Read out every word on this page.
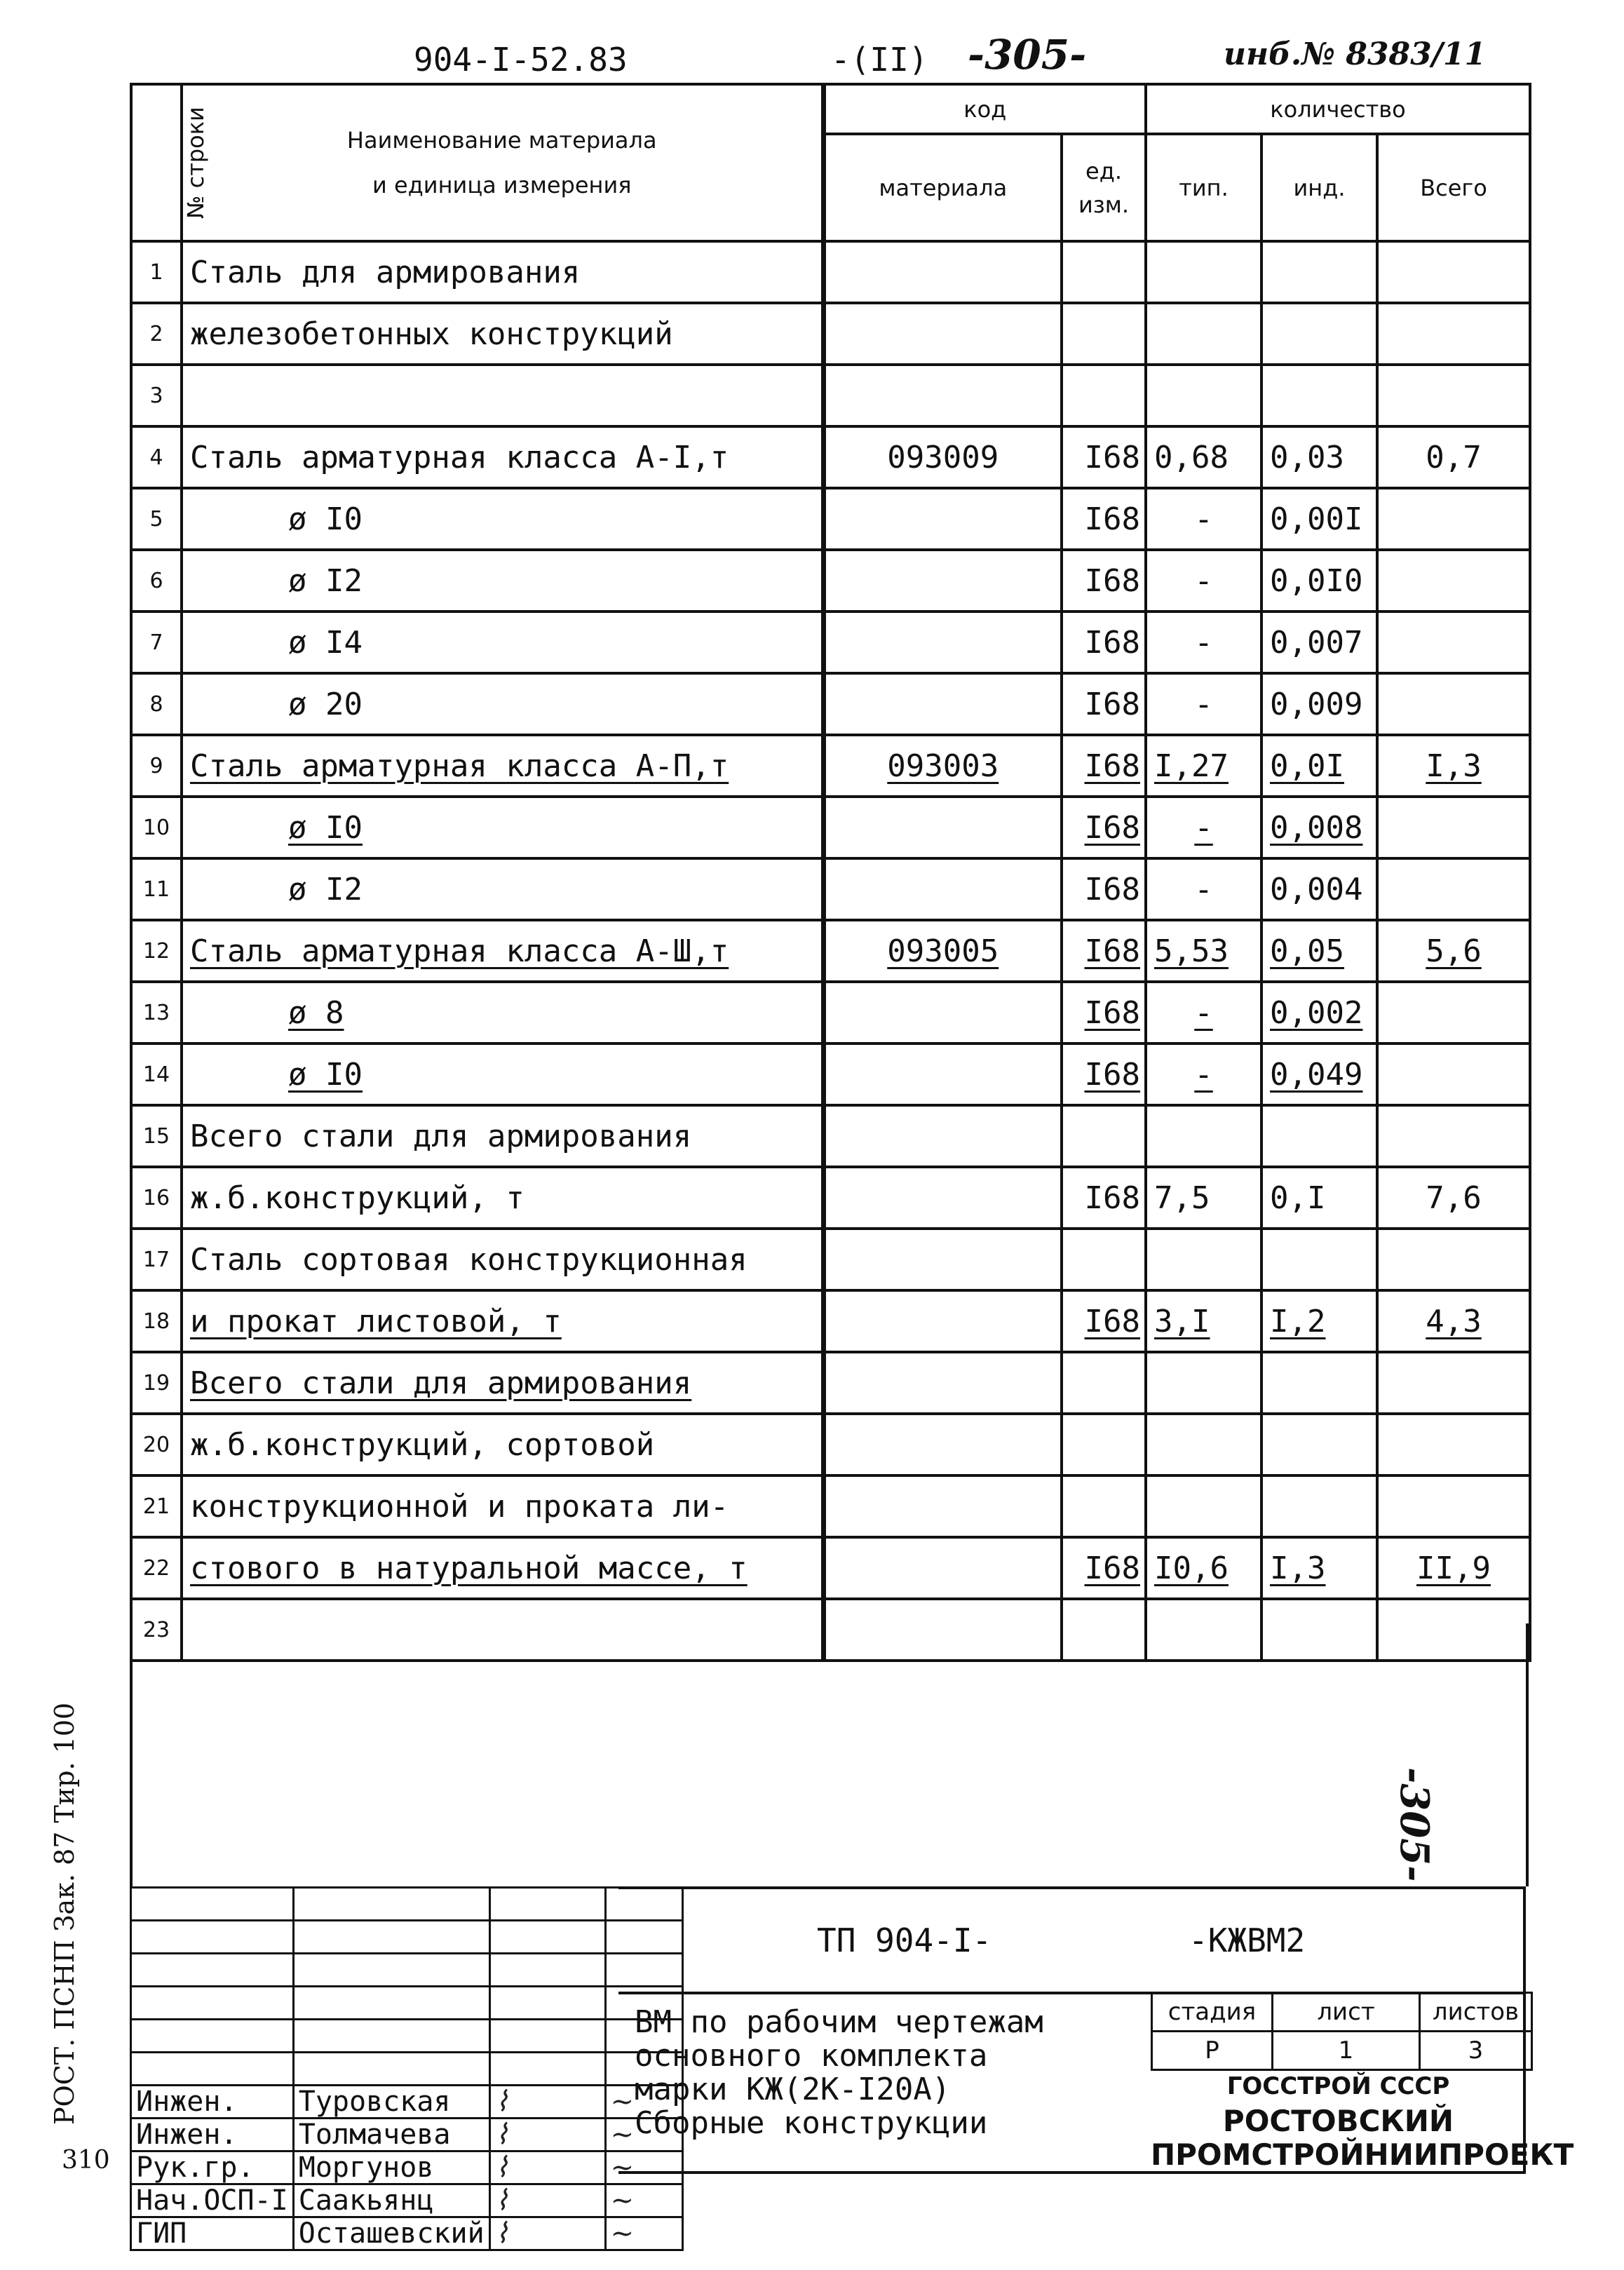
904-I-52.83	-(II) -305-	инб.№ 8383/11
№ строки	Наименование материала
и единица измерения	код		количество		
		материала	ед. изм.	тип.	инд.	Всего
1	Сталь для армирования					
2	железобетонных конструкций					
3						
4	Сталь арматурная класса А-I,т	093009	I68	0,68	0,03	0,7
5	ø I0		I68	-	0,00I	
6	ø I2		I68	-	0,0I0	
7	ø I4		I68	-	0,007	
8	ø 20		I68	-	0,009	
9	Сталь арматурная класса А-П,т	093003	I68	I,27	0,0I	I,3
10	ø I0		I68	-	0,008	
11	ø I2		I68	-	0,004	
12	Сталь арматурная класса А-Ш,т	093005	I68	5,53	0,05	5,6
13	ø 8		I68	-	0,002	
14	ø I0		I68	-	0,049	
15	Всего стали для армирования					
16	ж.б.конструкций, т		I68	7,5	0,I	7,6
17	Сталь сортовая конструкционная					
18	и прокат листовой, т		I68	3,I	I,2	4,3
19	Всего стали для армирования					
20	ж.б.конструкций, сортовой					
21	конструкционной и проката ли-					
22	стового в натуральной массе, т		I68	I0,6	I,3	II,9
23						
-305-
РОСТ. ПСНП Зак. 87 Тир. 100
310

Инжен.	Туровская	⌇	~
Инжен.	Толмачева	⌇	~
Рук.гр.	Моргунов	⌇	~
Нач.ОСП-I	Саакьянц	⌇	~
ГИП	Осташевский	⌇	~
ТП 904-I-	-КЖВМ2
ВМ по рабочим чертежам
основного комплекта
марки КЖ(2К-I20А)
Сборные конструкции
стадия	лист	листов
Р	1	3
ГОССТРОЙ СССР
РОСТОВСКИЙ
ПРОМСТРОЙНИИПРОЕКТ
